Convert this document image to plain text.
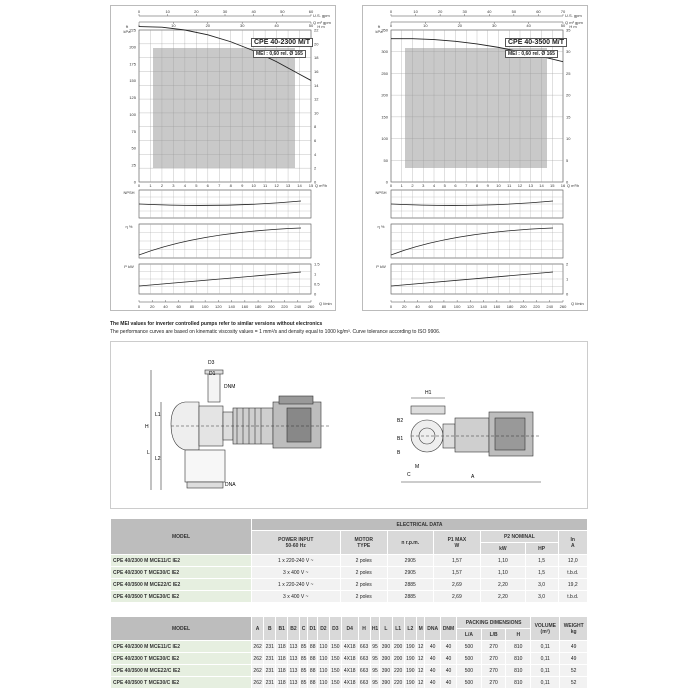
0	10	20	30	40	50	60
U.S. gpm
0	10	20	30	40	50
Q m³ gpm
0 1 2 3 4 5 6 7 8 9 10 11 12 13 14 15
0
2
4
6
8
10
12
14
16
18
20
22
0
25
50
75
100
125
150
175
200
225
kPa
ft	H m
Q m³/h
NPSH
η %
P kW
0
0.5
1
1.5
0 20 40 60 80 100 120 140 160 180 200 220 240 260
Q l/min
CPE 40-2300 M/T
MEI : 0,60 rel. Ø 165
0	10	20	30	40	50	60	70
U.S. gpm
0	10	20	30	40	50
Q m³ gpm
0 1 2 3 4 5 6 7 8 9 10 11 12 13 14 15 16
0
5
10
15
20
25
30
35
0
50
100
150
200
250
300
350
kPa
ft	H m
Q m³/h
NPSH
η %
P kW
0
1
2
0 20 40 60 80 100 120 140 160 180 200 220 240 260
Q l/min
CPE 40-3500 M/T
MEI : 0,60 rel. Ø 165
The MEI values for inverter controlled pumps refer to similar versions without electronics
The performance curves are based on kinematic viscosity values = 1 mm²/s and density equal to 1000 kg/m³. Curve tolerance according to ISO 9906.
D3
D1
DNM
H
L1
L2
L
DNA
H1
B2
B1
B
M
C	A
MODEL	ELECTRICAL DATA						
	POWER INPUT
50-60 Hz	MOTOR
TYPE	n r.p.m.	P1 MAX
W	P2 NOMINAL		In
A
					kW	HP	
CPE 40/2300 M MCE11/C IE2	1 x 220-240 V ~	2 poles	2905	1,57	1,10	1,5	12,0
CPE 40/2300 T MCE30/C IE2	3 x 400 V ~	2 poles	2905	1,57	1,10	1,5	t.b.d.
CPE 40/3500 M MCE22/C IE2	1 x 220-240 V ~	2 poles	2885	2,69	2,20	3,0	19,2
CPE 40/3500 T MCE30/C IE2	3 x 400 V ~	2 poles	2885	2,69	2,20	3,0	t.b.d.
MODEL	A	B	B1	B2	C	D1	D2	D3	D4	H	H1	L	L1	L2	M	DNA	DNM	PACKING DIMENSIONS			VOLUME
(m³)	WEIGHT
kg
																		L/A	L/B	H		
CPE 40/2300 M MCE11/C IE2	262	231	118	113	85	88	110	150	4X18	663	95	390	200	190	12	40	40	500	270	810	0,11	49
CPE 40/2300 T MCE30/C IE2	262	231	118	113	85	88	110	150	4X18	663	95	390	200	190	12	40	40	500	270	810	0,11	49
CPE 40/3500 M MCE22/C IE2	262	231	118	113	85	88	110	150	4X18	663	95	390	220	190	12	40	40	500	270	810	0,11	52
CPE 40/3500 T MCE30/C IE2	262	231	118	113	85	88	110	150	4X18	663	95	390	220	190	12	40	40	500	270	810	0,11	52
